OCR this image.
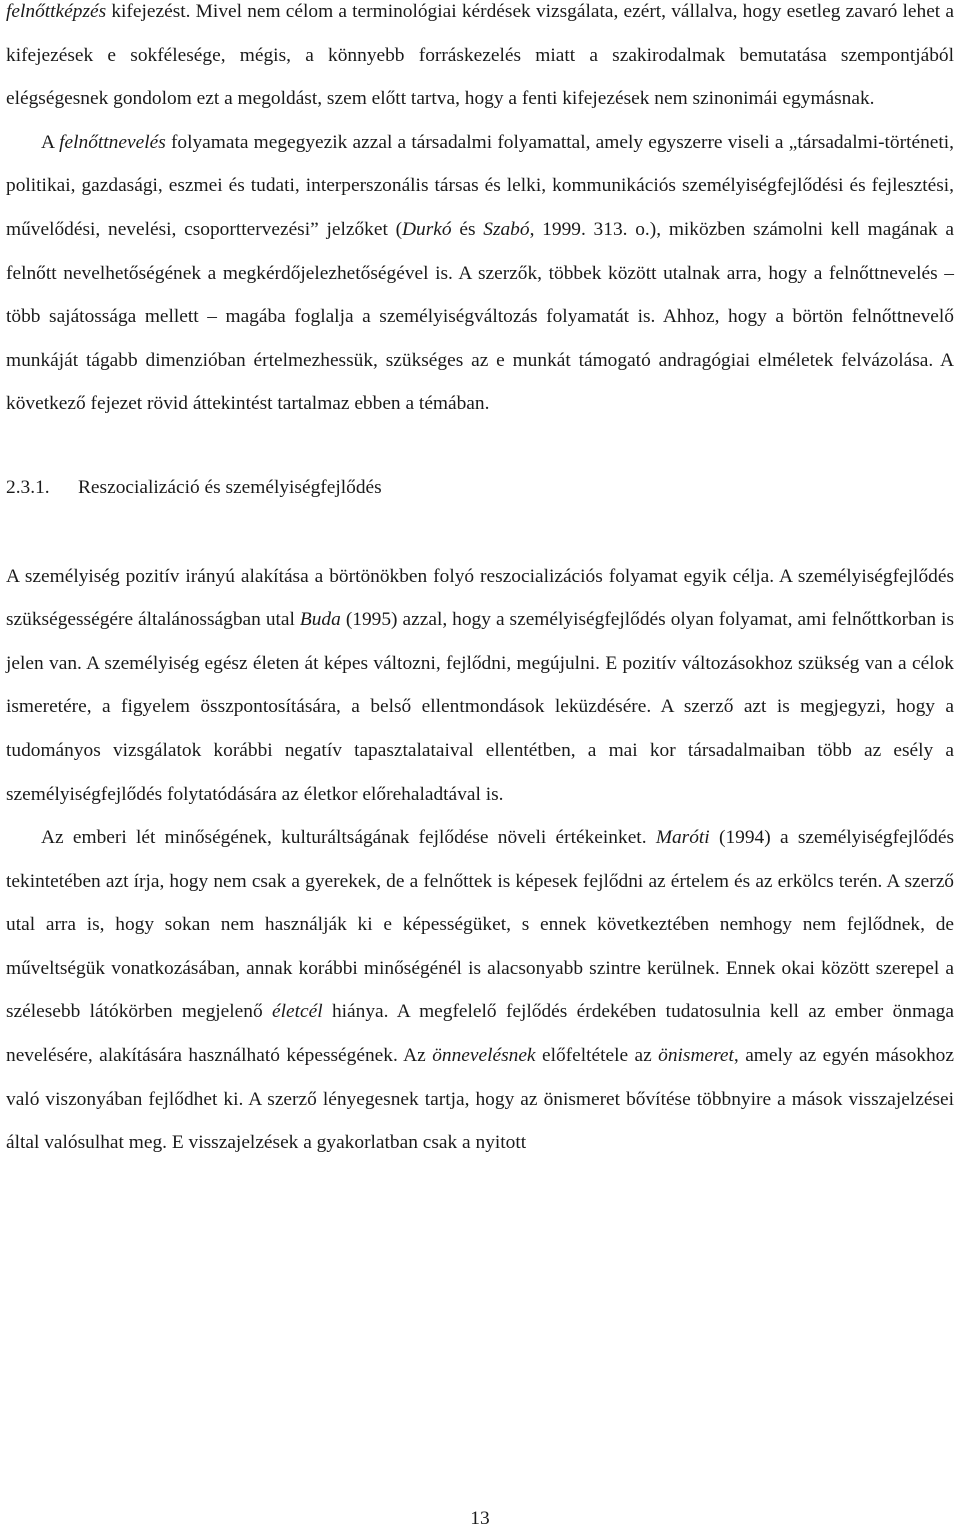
felnőttképzés kifejezést. Mivel nem célom a terminológiai kérdések vizsgálata, ezért, vállalva, hogy esetleg zavaró lehet a kifejezések e sokfélesége, mégis, a könnyebb forráskezelés miatt a szakirodalmak bemutatása szempontjából elégségesnek gondolom ezt a megoldást, szem előtt tartva, hogy a fenti kifejezések nem szinonimái egymásnak.

A felnőttnevelés folyamata megegyezik azzal a társadalmi folyamattal, amely egyszerre viseli a „társadalmi-történeti, politikai, gazdasági, eszmei és tudati, interperszonális társas és lelki, kommunikációs személyiségfejlődési és fejlesztési, művelődési, nevelési, csoporttervezési” jelzőket (Durkó és Szabó, 1999. 313. o.), miközben számolni kell magának a felnőtt nevelhetőségének a megkérdőjelezhetőségével is. A szerzők, többek között utalnak arra, hogy a felnőttnevelés – több sajátossága mellett – magába foglalja a személyiségváltozás folyamatát is. Ahhoz, hogy a börtön felnőttnevelő munkáját tágabb dimenzióban értelmezhessük, szükséges az e munkát támogató andragógiai elméletek felvázolása. A következő fejezet rövid áttekintést tartalmaz ebben a témában.

2.3.1. Reszocializáció és személyiségfejlődés

A személyiség pozitív irányú alakítása a börtönökben folyó reszocializációs folyamat egyik célja. A személyiségfejlődés szükségességére általánosságban utal Buda (1995) azzal, hogy a személyiségfejlődés olyan folyamat, ami felnőttkorban is jelen van. A személyiség egész életen át képes változni, fejlődni, megújulni. E pozitív változásokhoz szükség van a célok ismeretére, a figyelem összpontosítására, a belső ellentmondások leküzdésére. A szerző azt is megjegyzi, hogy a tudományos vizsgálatok korábbi negatív tapasztalataival ellentétben, a mai kor társadalmaiban több az esély a személyiségfejlődés folytatódására az életkor előrehaladtával is.

Az emberi lét minőségének, kulturáltságának fejlődése növeli értékeinket. Maróti (1994) a személyiségfejlődés tekintetében azt írja, hogy nem csak a gyerekek, de a felnőttek is képesek fejlődni az értelem és az erkölcs terén. A szerző utal arra is, hogy sokan nem használják ki e képességüket, s ennek következtében nemhogy nem fejlődnek, de műveltségük vonatkozásában, annak korábbi minőségénél is alacsonyabb szintre kerülnek. Ennek okai között szerepel a szélesebb látókörben megjelenő életcél hiánya. A megfelelő fejlődés érdekében tudatosulnia kell az ember önmaga nevelésére, alakítására használható képességének. Az önnevelésnek előfeltétele az önismeret, amely az egyén másokhoz való viszonyában fejlődhet ki. A szerző lényegesnek tartja, hogy az önismeret bővítése többnyire a mások visszajelzései által valósulhat meg. E visszajelzések a gyakorlatban csak a nyitott

13
